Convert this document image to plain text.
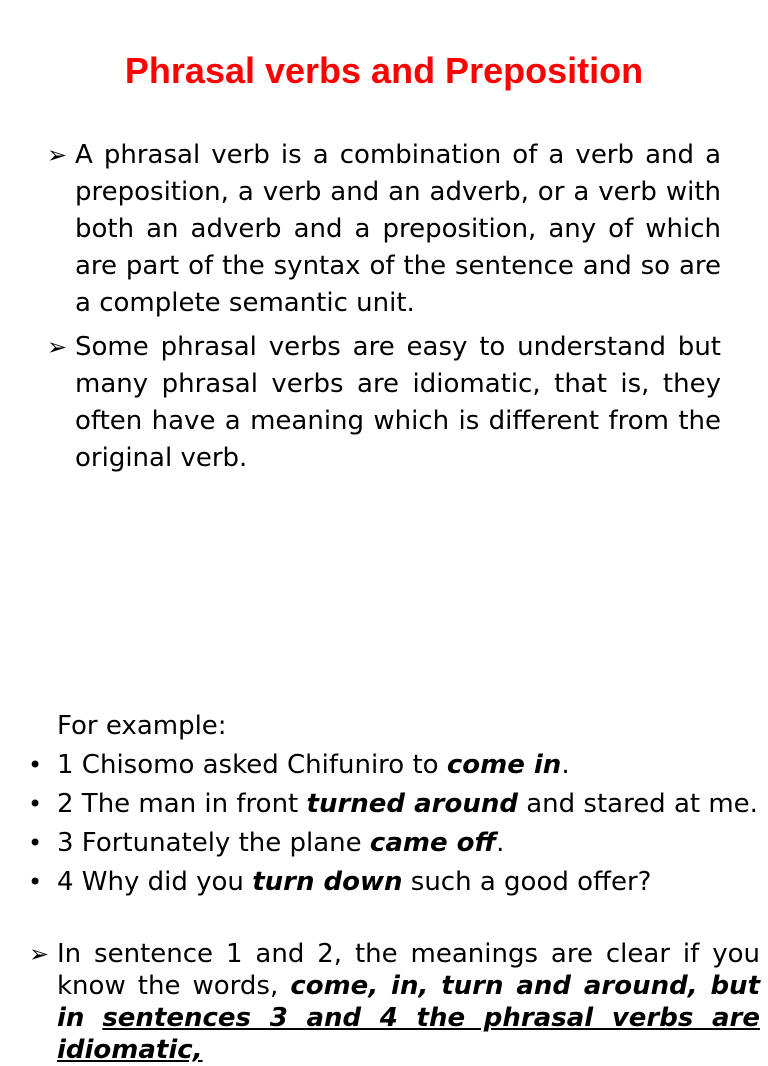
Phrasal verbs and Preposition
➢ A phrasal verb is a combination of a verb and a preposition, a verb and an adverb, or a verb with both an adverb and a preposition, any of which are part of the syntax of the sentence and so are a complete semantic unit.
➢ Some phrasal verbs are easy to understand but many phrasal verbs are idiomatic, that is, they often have a meaning which is different from the original verb.

For example:

• 1 Chisomo asked Chifuniro to come in.
• 2 The man in front turned around and stared at me.
• 3 Fortunately the plane came off.
• 4 Why did you turn down such a good offer?
➢ In sentence 1 and 2, the meanings are clear if you know the words, come, in, turn and around, but in sentences 3 and 4 the phrasal verbs are idiomatic,
